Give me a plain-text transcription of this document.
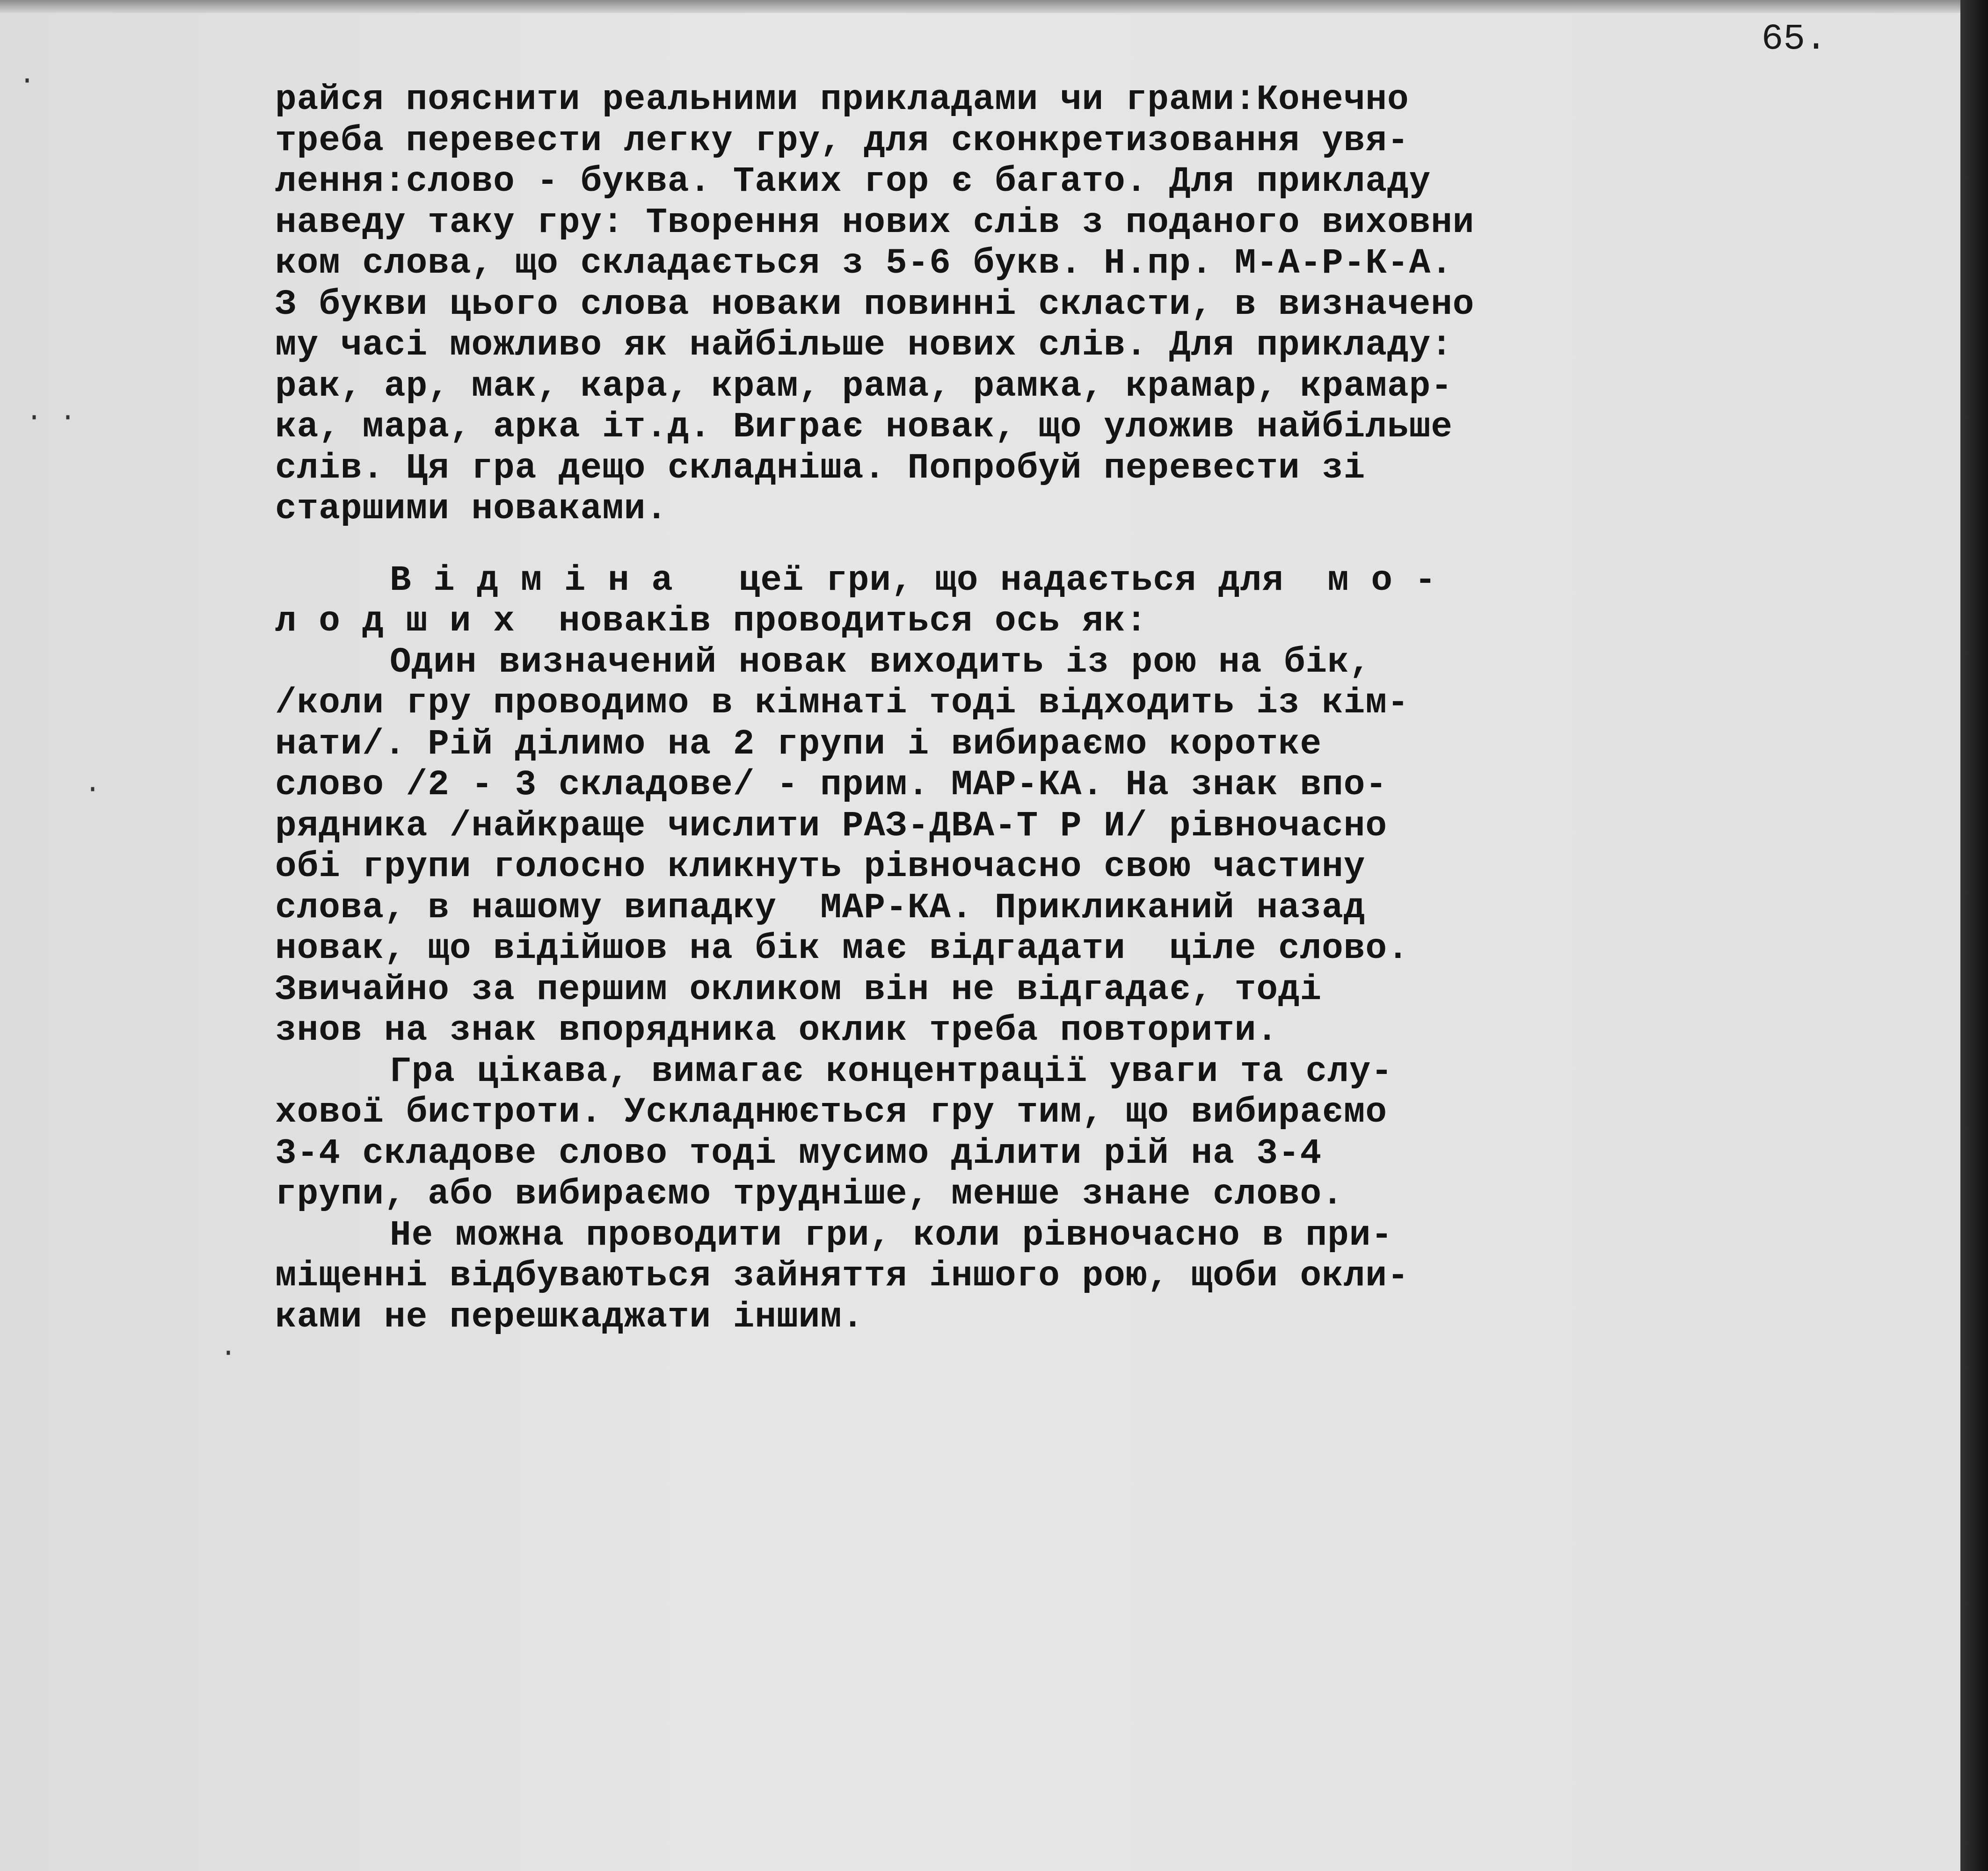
65.
райся пояснити реальними прикладами чи грами:Конечно
треба перевести легку гру, для сконкретизовання увя-
лення:слово - буква. Таких гор є багато. Для прикладу
наведу таку гру: Творення нових слів з поданого виховни
ком слова, що складається з 5-6 букв. Н.пр. М-А-Р-К-А.
З букви цього слова новаки повинні скласти, в визначено
му часі можливо як найбільше нових слів. Для прикладу:
рак, ар, мак, кара, крам, рама, рамка, крамар, крамар-
ка, мара, арка іт.д. Виграє новак, що уложив найбільше
слів. Ця гра дещо складніша. Попробуй перевести зі
старшими новаками.
В і д м і н а   цеї гри, що надається для  м о -
л о д ш и х  новаків проводиться ось як:
Один визначений новак виходить із рою на бік,
/коли гру проводимо в кімнаті тоді відходить із кім-
нати/. Рій ділимо на 2 групи і вибираємо коротке
слово /2 - 3 складове/ - прим. МАР-КА. На знак впо-
рядника /найкраще числити РАЗ-ДВА-Т Р И/ рівночасно
обі групи голосно кликнуть рівночасно свою частину
слова, в нашому випадку  МАР-КА. Прикликаний назад
новак, що відійшов на бік має відгадати  ціле слово.
Звичайно за першим окликом він не відгадає, тоді
знов на знак впорядника оклик треба повторити.
Гра цікава, вимагає концентрації уваги та слу-
хової бистроти. Ускладнюється гру тим, що вибираємо
3-4 складове слово тоді мусимо ділити рій на 3-4
групи, або вибираємо трудніше, менше знане слово.
Не можна проводити гри, коли рівночасно в при-
міщенні відбуваються зайняття іншого рою, щоби окли-
ками не перешкаджати іншим.
·
· ·
·
·
